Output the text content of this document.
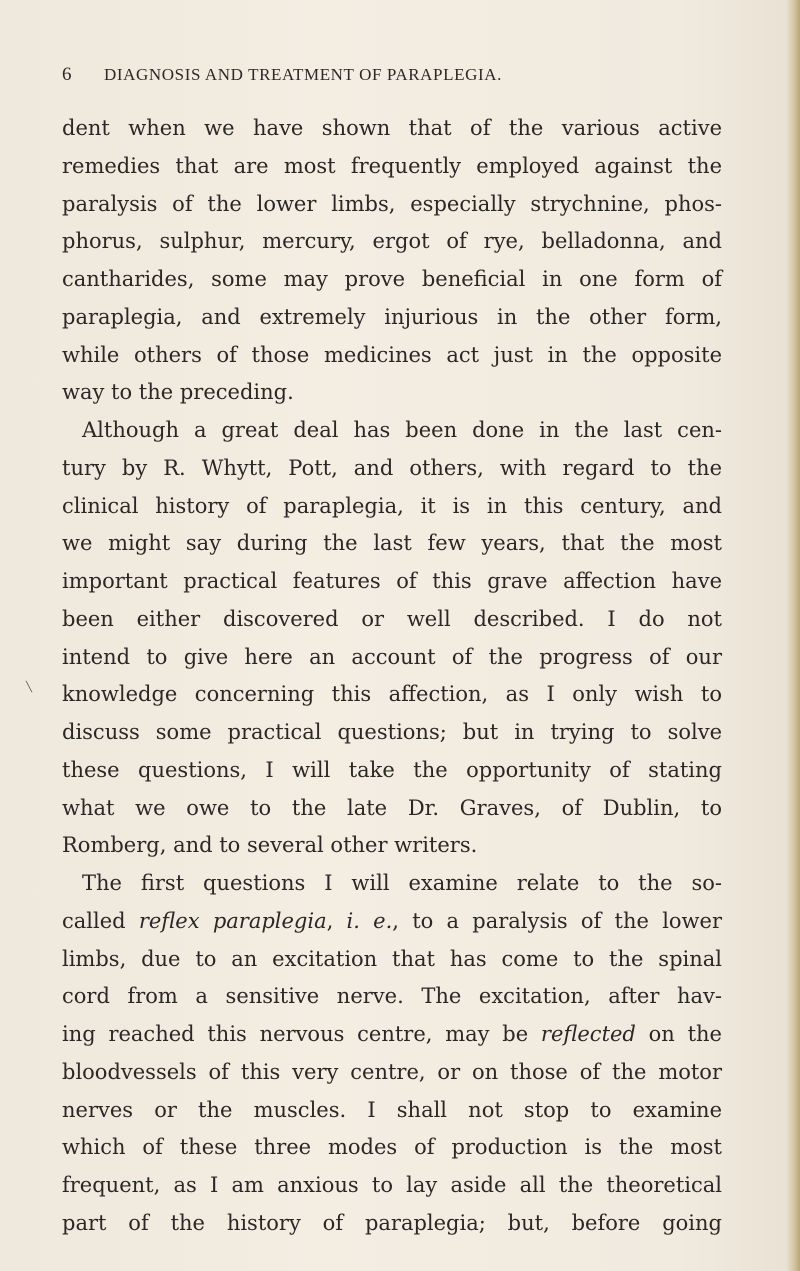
6 DIAGNOSIS AND TREATMENT OF PARAPLEGIA.
dent when we have shown that of the various active
remedies that are most frequently employed against the
paralysis of the lower limbs, especially strychnine, phos-
phorus, sulphur, mercury, ergot of rye, belladonna, and
cantharides, some may prove beneficial in one form of
paraplegia, and extremely injurious in the other form,
while others of those medicines act just in the opposite
way to the preceding.
Although a great deal has been done in the last cen-
tury by R. Whytt, Pott, and others, with regard to the
clinical history of paraplegia, it is in this century, and
we might say during the last few years, that the most
important practical features of this grave affection have
been either discovered or well described. I do not
intend to give here an account of the progress of our
knowledge concerning this affection, as I only wish to
discuss some practical questions; but in trying to solve
these questions, I will take the opportunity of stating
what we owe to the late Dr. Graves, of Dublin, to
Romberg, and to several other writers.
The first questions I will examine relate to the so-
called reflex paraplegia, i. e., to a paralysis of the lower
limbs, due to an excitation that has come to the spinal
cord from a sensitive nerve. The excitation, after hav-
ing reached this nervous centre, may be reflected on the
bloodvessels of this very centre, or on those of the motor
nerves or the muscles. I shall not stop to examine
which of these three modes of production is the most
frequent, as I am anxious to lay aside all the theoretical
part of the history of paraplegia; but, before going
╲
